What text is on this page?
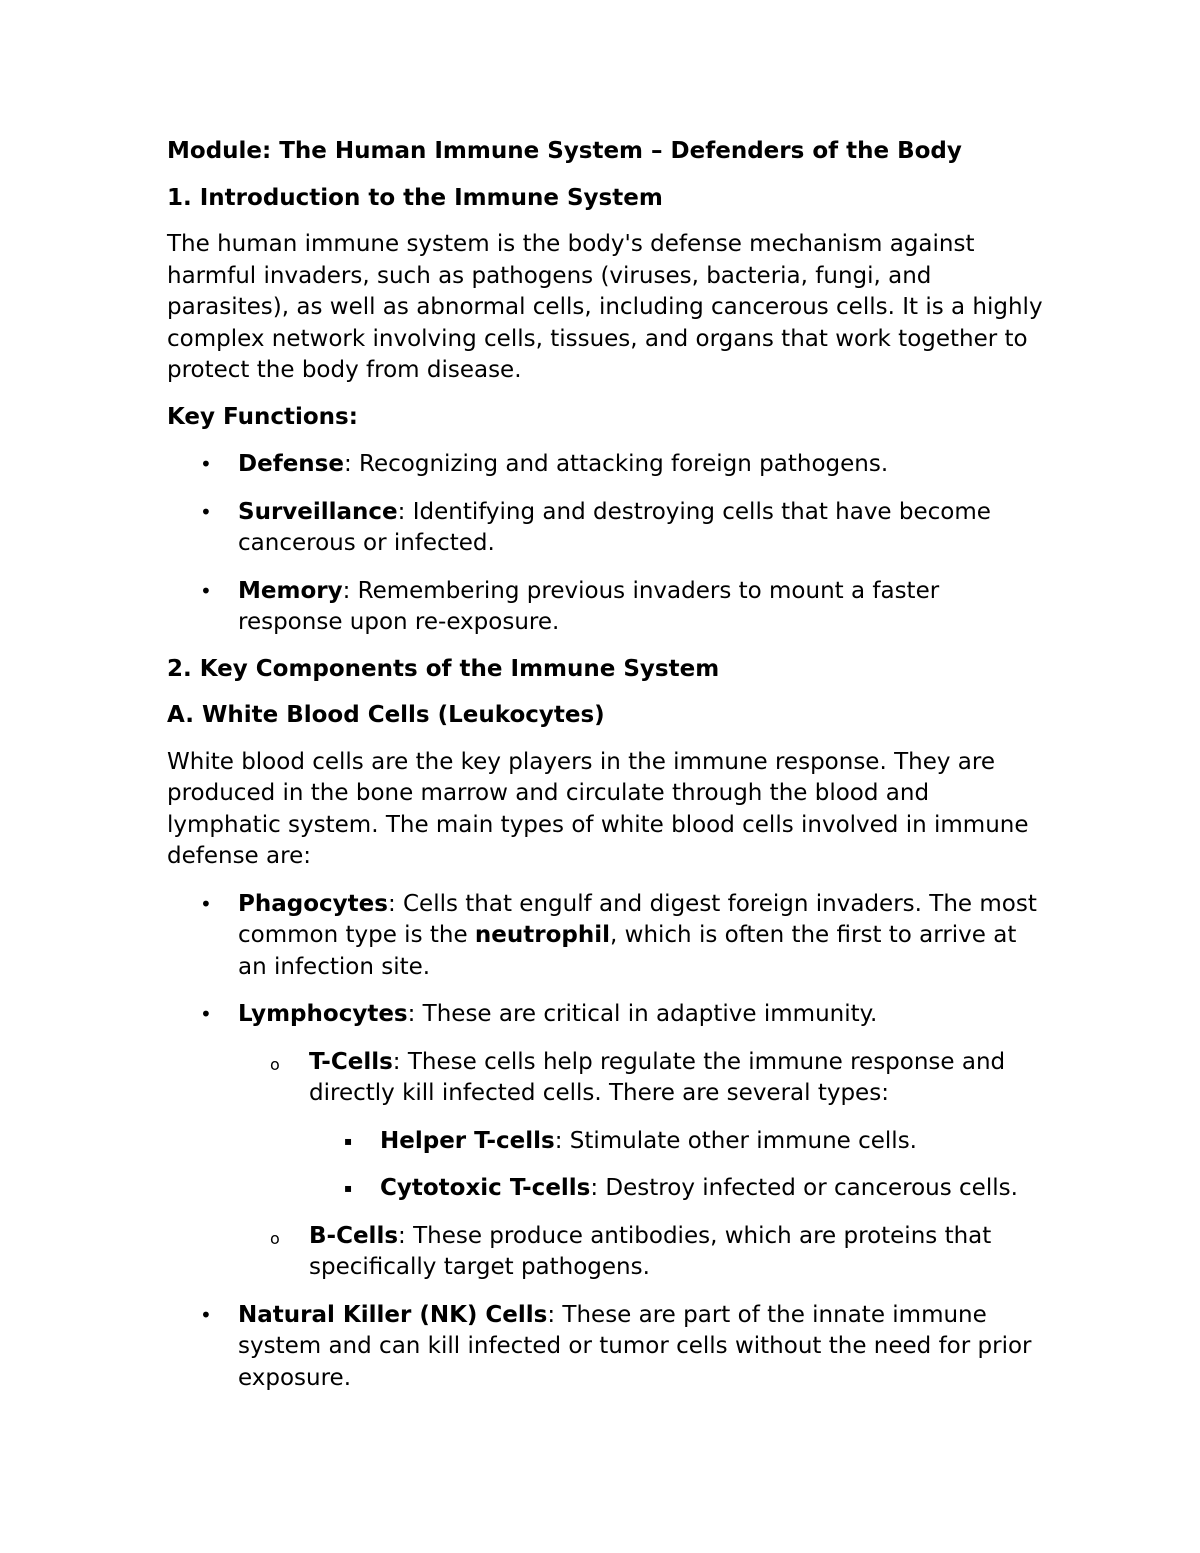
Module: The Human Immune System – Defenders of the Body
1. Introduction to the Immune System

The human immune system is the body's defense mechanism against harmful invaders, such as pathogens (viruses, bacteria, fungi, and parasites), as well as abnormal cells, including cancerous cells. It is a highly complex network involving cells, tissues, and organs that work together to protect the body from disease.

Key Functions:
• Defense: Recognizing and attacking foreign pathogens.
• Surveillance: Identifying and destroying cells that have become cancerous or infected.
• Memory: Remembering previous invaders to mount a faster response upon re-exposure.
2. Key Components of the Immune System
A. White Blood Cells (Leukocytes)

White blood cells are the key players in the immune response. They are produced in the bone marrow and circulate through the blood and lymphatic system. The main types of white blood cells involved in immune defense are:

• Phagocytes: Cells that engulf and digest foreign invaders. The most common type is the neutrophil, which is often the first to arrive at an infection site.
• Lymphocytes: These are critical in adaptive immunity.
o T-Cells: These cells help regulate the immune response and directly kill infected cells. There are several types:
▪ Helper T-cells: Stimulate other immune cells.
▪ Cytotoxic T-cells: Destroy infected or cancerous cells.
o B-Cells: These produce antibodies, which are proteins that specifically target pathogens.
• Natural Killer (NK) Cells: These are part of the innate immune system and can kill infected or tumor cells without the need for prior exposure.
